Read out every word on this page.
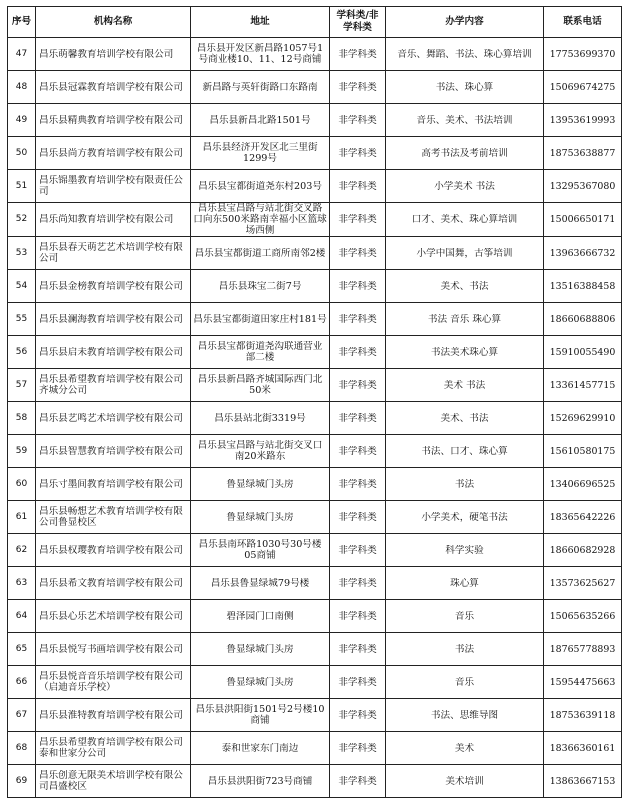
序号	机构名称	地址	学科类/非学科类	办学内容	联系电话

47	昌乐萌馨教育培训学校有限公司	昌乐县开发区新昌路1057号1号商业楼10、11、12号商铺	非学科类	音乐、舞蹈、书法、珠心算培训	17753699370

48	昌乐县冠霖教育培训学校有限公司	新昌路与英轩街路口东路南	非学科类	书法、珠心算	15069674275

49	昌乐县精典教育培训学校有限公司	昌乐县新昌北路1501号	非学科类	音乐、美术、书法培训	13953619993

50	昌乐县尚方教育培训学校有限公司	昌乐县经济开发区北三里街1299号	非学科类	高考书法及考前培训	18753638877

51	昌乐锦墨教育培训学校有限责任公司	昌乐县宝都街道尧东村203号	非学科类	小学美术 书法	13295367080

52	昌乐尚知教育培训学校有限公司	昌乐县宝昌路与站北街交叉路口向东500米路南幸福小区篮球场西侧	非学科类	口才、美术、珠心算培训	15006650171

53	昌乐县春天萌艺艺术培训学校有限公司	昌乐县宝都街道工商所南邻2楼	非学科类	小学中国舞，古筝培训	13963666732

54	昌乐县金榜教育培训学校有限公司	昌乐县珠宝二街7号	非学科类	美术、书法	13516388458

55	昌乐县澜海教育培训学校有限公司	昌乐县宝都街道田家庄村181号	非学科类	书法 音乐 珠心算	18660688806

56	昌乐县启未教育培训学校有限公司	昌乐县宝都街道尧沟联通营业部二楼	非学科类	书法美术珠心算	15910055490

57	昌乐县希望教育培训学校有限公司齐城分公司	昌乐县新昌路齐城国际西门北50米	非学科类	美术 书法	13361457715

58	昌乐县艺鸣艺术培训学校有限公司	昌乐县站北街3319号	非学科类	美术、书法	15269629910

59	昌乐县智慧教育培训学校有限公司	昌乐县宝昌路与站北街交叉口南20米路东	非学科类	书法、口才、珠心算	15610580175

60	昌乐寸墨间教育培训学校有限公司	鲁显绿城门头房	非学科类	书法	13406696525

61	昌乐县畅想艺术教育培训学校有限公司鲁显校区	鲁显绿城门头房	非学科类	小学美术，硬笔书法	18365642226

62	昌乐县权璎教育培训学校有限公司	昌乐县南环路1030号30号楼05商铺	非学科类	科学实验	18660682928

63	昌乐县希文教育培训学校有限公司	昌乐县鲁显绿城79号楼	非学科类	珠心算	13573625627

64	昌乐县心乐艺术培训学校有限公司	碧泽园门口南侧	非学科类	音乐	15065635266

65	昌乐县悦写书画培训学校有限公司	鲁显绿城门头房	非学科类	书法	18765778893

66	昌乐县悦音音乐培训学校有限公司（启迪音乐学校）	鲁显绿城门头房	非学科类	音乐	15954475663

67	昌乐县淮特教育培训学校有限公司	昌乐县洪阳街1501号2号楼10商铺	非学科类	书法、思维导图	18753639118

68	昌乐县希望教育培训学校有限公司泰和世家分公司	泰和世家东门南边	非学科类	美术	18366360161

69	昌乐创意无限美术培训学校有限公司昌盛校区	昌乐县洪阳街723号商铺	非学科类	美术培训	13863667153
